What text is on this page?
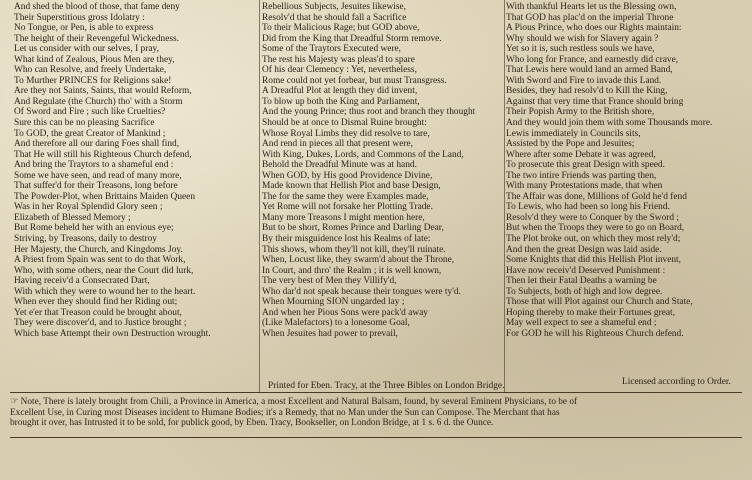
And shed the blood of those, that fame deny
Their Superstitious gross Idolatry :
No Tongue, or Pen, is able to express
The height of their Revengeful Wickedness.
Let us consider with our selves, I pray,
What kind of Zealous, Pious Men are they,
Who can Resolve, and freely Undertake,
To Murther PRINCES for Religions sake!
Are they not Saints, Saints, that would Reform,
And Regulate (the Church) tho' with a Storm
Of Sword and Fire ; such like Cruelties?
Sure this can be no pleasing Sacrifice
To GOD, the great Creator of Mankind ;
And therefore all our daring Foes shall find,
That He will still his Righteous Church defend,
And bring the Traytors to a shameful end :
Some we have seen, and read of many more,
That suffer'd for their Treasons, long before
The Powder-Plot, when Brittains Maiden Queen
Was in her Royal Splendid Glory seen ;
Elizabeth of Blessed Memory ;
But Rome beheld her with an envious eye;
Striving, by Treasons, daily to destroy
Her Majesty, the Church, and Kingdoms Joy.
A Priest from Spain was sent to do that Work,
Who, with some others, near the Court did lurk,
Having receiv'd a Consecrated Dart,
With which they were to wound her to the heart.
When ever they should find her Riding out;
Yet e'er that Treason could be brought about,
They were discover'd, and to Justice brought ;
Which base Attempt their own Destruction wrought.
Rebellious Subjects, Jesuites likewise,
Resolv'd that he should fall a Sacrifice
To their Malicious Rage; but GOD above,
Did from the King that Dreadful Storm remove.
Some of the Traytors Executed were,
The rest his Majesty was pleas'd to spare
Of his dear Clemency : Yet, nevertheless,
Rome could not yet forbear, but must Transgress.
A Dreadful Plot at length they did invent,
To blow up both the King and Parliament,
And the young Prince; thus root and branch they thought
Should be at once to Dismal Ruine brought:
Whose Royal Limbs they did resolve to tare,
And rend in pieces all that present were,
With King, Dukes, Lords, and Commons of the Land,
Behold the Dreadful Minute was at hand.
When GOD, by His good Providence Divine,
Made known that Hellish Plot and base Design,
The for the same they were Examples made,
Yet Rome will not forsake her Plotting Trade.
Many more Treasons I might mention here,
But to be short, Romes Prince and Darling Dear,
By their misguidence lost his Realms of late:
This shows, whom they'll not kill, they'll ruinate.
When, Locust like, they swarm'd about the Throne,
In Court, and thro' the Realm ; it is well known,
The very best of Men they Villify'd,
Who dar'd not speak because their tongues were ty'd.
When Mourning SION ungarded lay ;
And when her Pious Sons were pack'd away
(Like Malefactors) to a lonesome Goal,
When Jesuites had power to prevail,
With thankful Hearts let us the Blessing own,
That GOD has plac'd on the imperial Throne
A Pious Prince, who does our Rights maintain:
Why should we wish for Slavery again ?
Yet so it is, such restless souls we have,
Who long for France, and earnestly did crave,
That Lewis here would land an armed Band,
With Sword and Fire to invade this Land.
Besides, they had resolv'd to Kill the King,
Against that very time that France should bring
Their Popish Army to the British shore,
And they would join them with some Thousands more.
Lewis immediately in Councils sits,
Assisted by the Pope and Jesuites;
Where after some Debate it was agreed,
To prosecute this great Design with speed.
The two intire Friends was parting then,
With many Protestations made, that when
The Affair was done, Millions of Gold he'd fend
To Lewis, who had been so long his Friend.
Resolv'd they were to Conquer by the Sword ;
But when the Troops they were to go on Board,
The Plot broke out, on which they most rely'd;
And then the great Design was laid aside.
Some Knights that did this Hellish Plot invent,
Have now receiv'd Deserved Punishment :
Then let their Fatal Deaths a warning be
To Subjects, both of high and low degree.
Those that will Plot against our Church and State,
Hoping thereby to make their Fortunes great,
May well expect to see a shameful end ;
For GOD he will his Righteous Church defend.
Printed for Eben. Tracy, at the Three Bibles on London Bridge.	Licensed according to Order.
☞ Note, There is lately brought from Chili, a Province in America, a most Excellent and Natural Balsam, found, by several Eminent Physicians, to be of
Excellent Use, in Curing most Diseases incident to Humane Bodies; it's a Remedy, that no Man under the Sun can Compose. The Merchant that has
brought it over, has Intrusted it to be sold, for publick good, by Eben. Tracy, Bookseller, on London Bridge, at 1 s. 6 d. the Ounce.
